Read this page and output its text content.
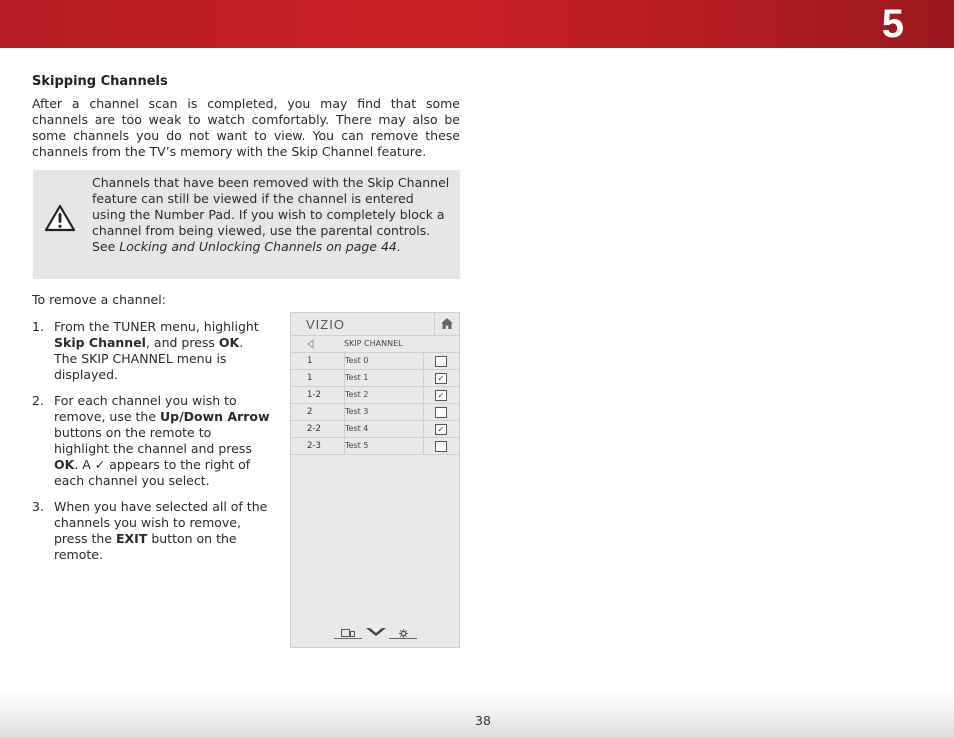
5
Skipping Channels

After a channel scan is completed, you may find that some channels are too weak to watch comfortably. There may also be some channels you do not want to view. You can remove these channels from the TV’s memory with the Skip Channel feature.

Channels that have been removed with the Skip Channel feature can still be viewed if the channel is entered using the Number Pad. If you wish to completely block a channel from being viewed, use the parental controls. See Locking and Unlocking Channels on page 44.

To remove a channel:
1. From the TUNER menu, highlight Skip Channel, and press OK. The SKIP CHANNEL menu is displayed.
2. For each channel you wish to remove, use the Up/Down Arrow buttons on the remote to highlight the channel and press OK. A ✓ appears to the right of each channel you select.
3. When you have selected all of the channels you wish to remove, press the EXIT button on the remote.
VIZIO
SKIP CHANNEL
1	Test 0
1	Test 1	✓
1-2	Test 2	✓
2	Test 3
2-2	Test 4	✓
2-3	Test 5
38
